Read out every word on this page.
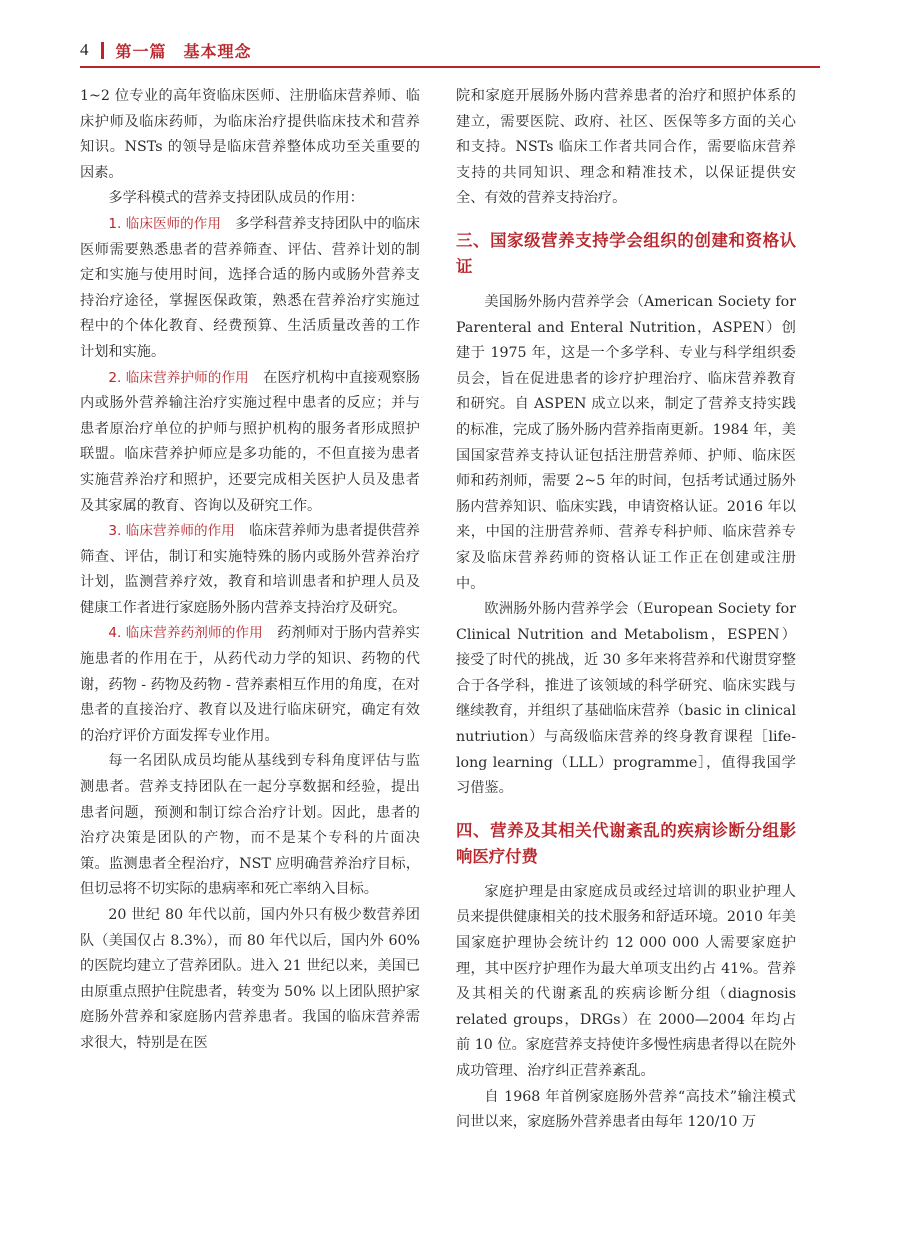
4 第一篇　基本理念

1~2 位专业的高年资临床医师、注册临床营养师、临床护师及临床药师，为临床治疗提供临床技术和营养知识。NSTs 的领导是临床营养整体成功至关重要的因素。

多学科模式的营养支持团队成员的作用：

1. 临床医师的作用　多学科营养支持团队中的临床医师需要熟悉患者的营养筛查、评估、营养计划的制定和实施与使用时间，选择合适的肠内或肠外营养支持治疗途径，掌握医保政策，熟悉在营养治疗实施过程中的个体化教育、经费预算、生活质量改善的工作计划和实施。

2. 临床营养护师的作用　在医疗机构中直接观察肠内或肠外营养输注治疗实施过程中患者的反应；并与患者原治疗单位的护师与照护机构的服务者形成照护联盟。临床营养护师应是多功能的，不但直接为患者实施营养治疗和照护，还要完成相关医护人员及患者及其家属的教育、咨询以及研究工作。

3. 临床营养师的作用　临床营养师为患者提供营养筛查、评估，制订和实施特殊的肠内或肠外营养治疗计划，监测营养疗效，教育和培训患者和护理人员及健康工作者进行家庭肠外肠内营养支持治疗及研究。

4. 临床营养药剂师的作用　药剂师对于肠内营养实施患者的作用在于，从药代动力学的知识、药物的代谢，药物 - 药物及药物 - 营养素相互作用的角度，在对患者的直接治疗、教育以及进行临床研究，确定有效的治疗评价方面发挥专业作用。

每一名团队成员均能从基线到专科角度评估与监测患者。营养支持团队在一起分享数据和经验，提出患者问题，预测和制订综合治疗计划。因此，患者的治疗决策是团队的产物，而不是某个专科的片面决策。监测患者全程治疗，NST 应明确营养治疗目标，但切忌将不切实际的患病率和死亡率纳入目标。

20 世纪 80 年代以前，国内外只有极少数营养团队（美国仅占 8.3%），而 80 年代以后，国内外 60% 的医院均建立了营养团队。进入 21 世纪以来，美国已由原重点照护住院患者，转变为 50% 以上团队照护家庭肠外营养和家庭肠内营养患者。我国的临床营养需求很大，特别是在医

院和家庭开展肠外肠内营养患者的治疗和照护体系的建立，需要医院、政府、社区、医保等多方面的关心和支持。NSTs 临床工作者共同合作，需要临床营养支持的共同知识、理念和精准技术，以保证提供安全、有效的营养支持治疗。

三、国家级营养支持学会组织的创建和资格认证

美国肠外肠内营养学会（American Society for Parenteral and Enteral Nutrition，ASPEN）创建于 1975 年，这是一个多学科、专业与科学组织委员会，旨在促进患者的诊疗护理治疗、临床营养教育和研究。自 ASPEN 成立以来，制定了营养支持实践的标准，完成了肠外肠内营养指南更新。1984 年，美国国家营养支持认证包括注册营养师、护师、临床医师和药剂师，需要 2~5 年的时间，包括考试通过肠外肠内营养知识、临床实践，申请资格认证。2016 年以来，中国的注册营养师、营养专科护师、临床营养专家及临床营养药师的资格认证工作正在创建或注册中。

欧洲肠外肠内营养学会（European Society for Clinical Nutrition and Metabolism，ESPEN）接受了时代的挑战，近 30 多年来将营养和代谢贯穿整合于各学科，推进了该领域的科学研究、临床实践与继续教育，并组织了基础临床营养（basic in clinical nutriution）与高级临床营养的终身教育课程［life-long learning（LLL）programme］，值得我国学习借鉴。

四、营养及其相关代谢紊乱的疾病诊断分组影响医疗付费

家庭护理是由家庭成员或经过培训的职业护理人员来提供健康相关的技术服务和舒适环境。2010 年美国家庭护理协会统计约 12 000 000 人需要家庭护理，其中医疗护理作为最大单项支出约占 41%。营养及其相关的代谢紊乱的疾病诊断分组（diagnosis related groups，DRGs）在 2000—2004 年均占前 10 位。家庭营养支持使许多慢性病患者得以在院外成功管理、治疗纠正营养紊乱。

自 1968 年首例家庭肠外营养“高技术”输注模式问世以来，家庭肠外营养患者由每年 120/10 万
